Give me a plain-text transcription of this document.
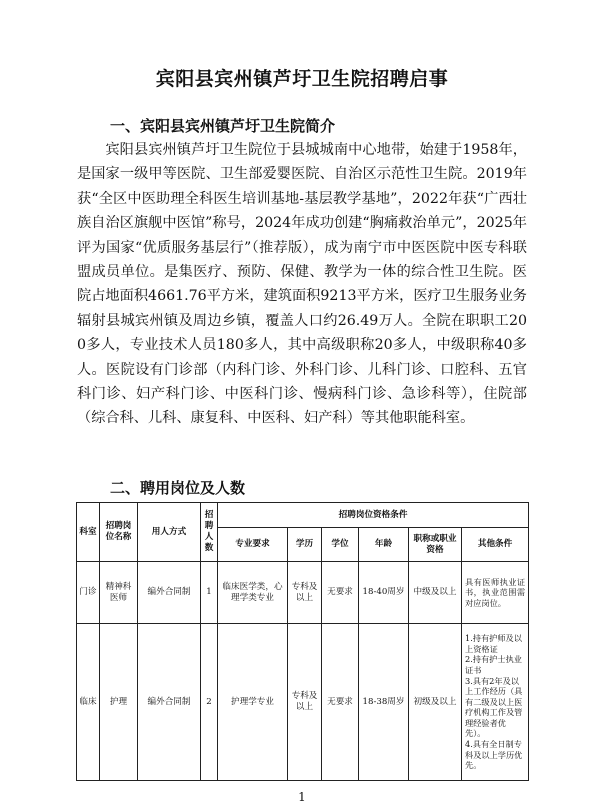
宾阳县宾州镇芦圩卫生院招聘启事
一、宾阳县宾州镇芦圩卫生院简介

宾阳县宾州镇芦圩卫生院位于县城城南中心地带，始建于1958年，是国家一级甲等医院、卫生部爱婴医院、自治区示范性卫生院。2019年获“全区中医助理全科医生培训基地-基层教学基地”，2022年获“广西壮族自治区旗舰中医馆”称号，2024年成功创建“胸痛救治单元”，2025年评为国家“优质服务基层行”（推荐版），成为南宁市中医医院中医专科联盟成员单位。是集医疗、预防、保健、教学为一体的综合性卫生院。医院占地面积4661.76平方米，建筑面积9213平方米，医疗卫生服务业务辐射县城宾州镇及周边乡镇，覆盖人口约26.49万人。全院在职职工200多人，专业技术人员180多人，其中高级职称20多人，中级职称40多人。医院设有门诊部（内科门诊、外科门诊、儿科门诊、口腔科、五官科门诊、妇产科门诊、中医科门诊、慢病科门诊、急诊科等），住院部（综合科、儿科、康复科、中医科、妇产科）等其他职能科室。

二、聘用岗位及人数
科室	招聘岗位名称	用人方式	招聘人数	招聘岗位资格条件					
				专业要求	学历	学位	年龄	职称或职业资格	其他条件
门诊	精神科医师	编外合同制	1	临床医学类，心理学类专业	专科及以上	无要求	18-40周岁	中级及以上	具有医师执业证书，执业范围需对应岗位。
临床	护理	编外合同制	2	护理学专业	专科及以上	无要求	18-38周岁	初级及以上	1.持有护师及以上资格证
2.持有护士执业证书
3.具有2年及以上工作经历（具有二级及以上医疗机构工作及管理经验者优先）。
4.具有全日制专科及以上学历优先。
1
